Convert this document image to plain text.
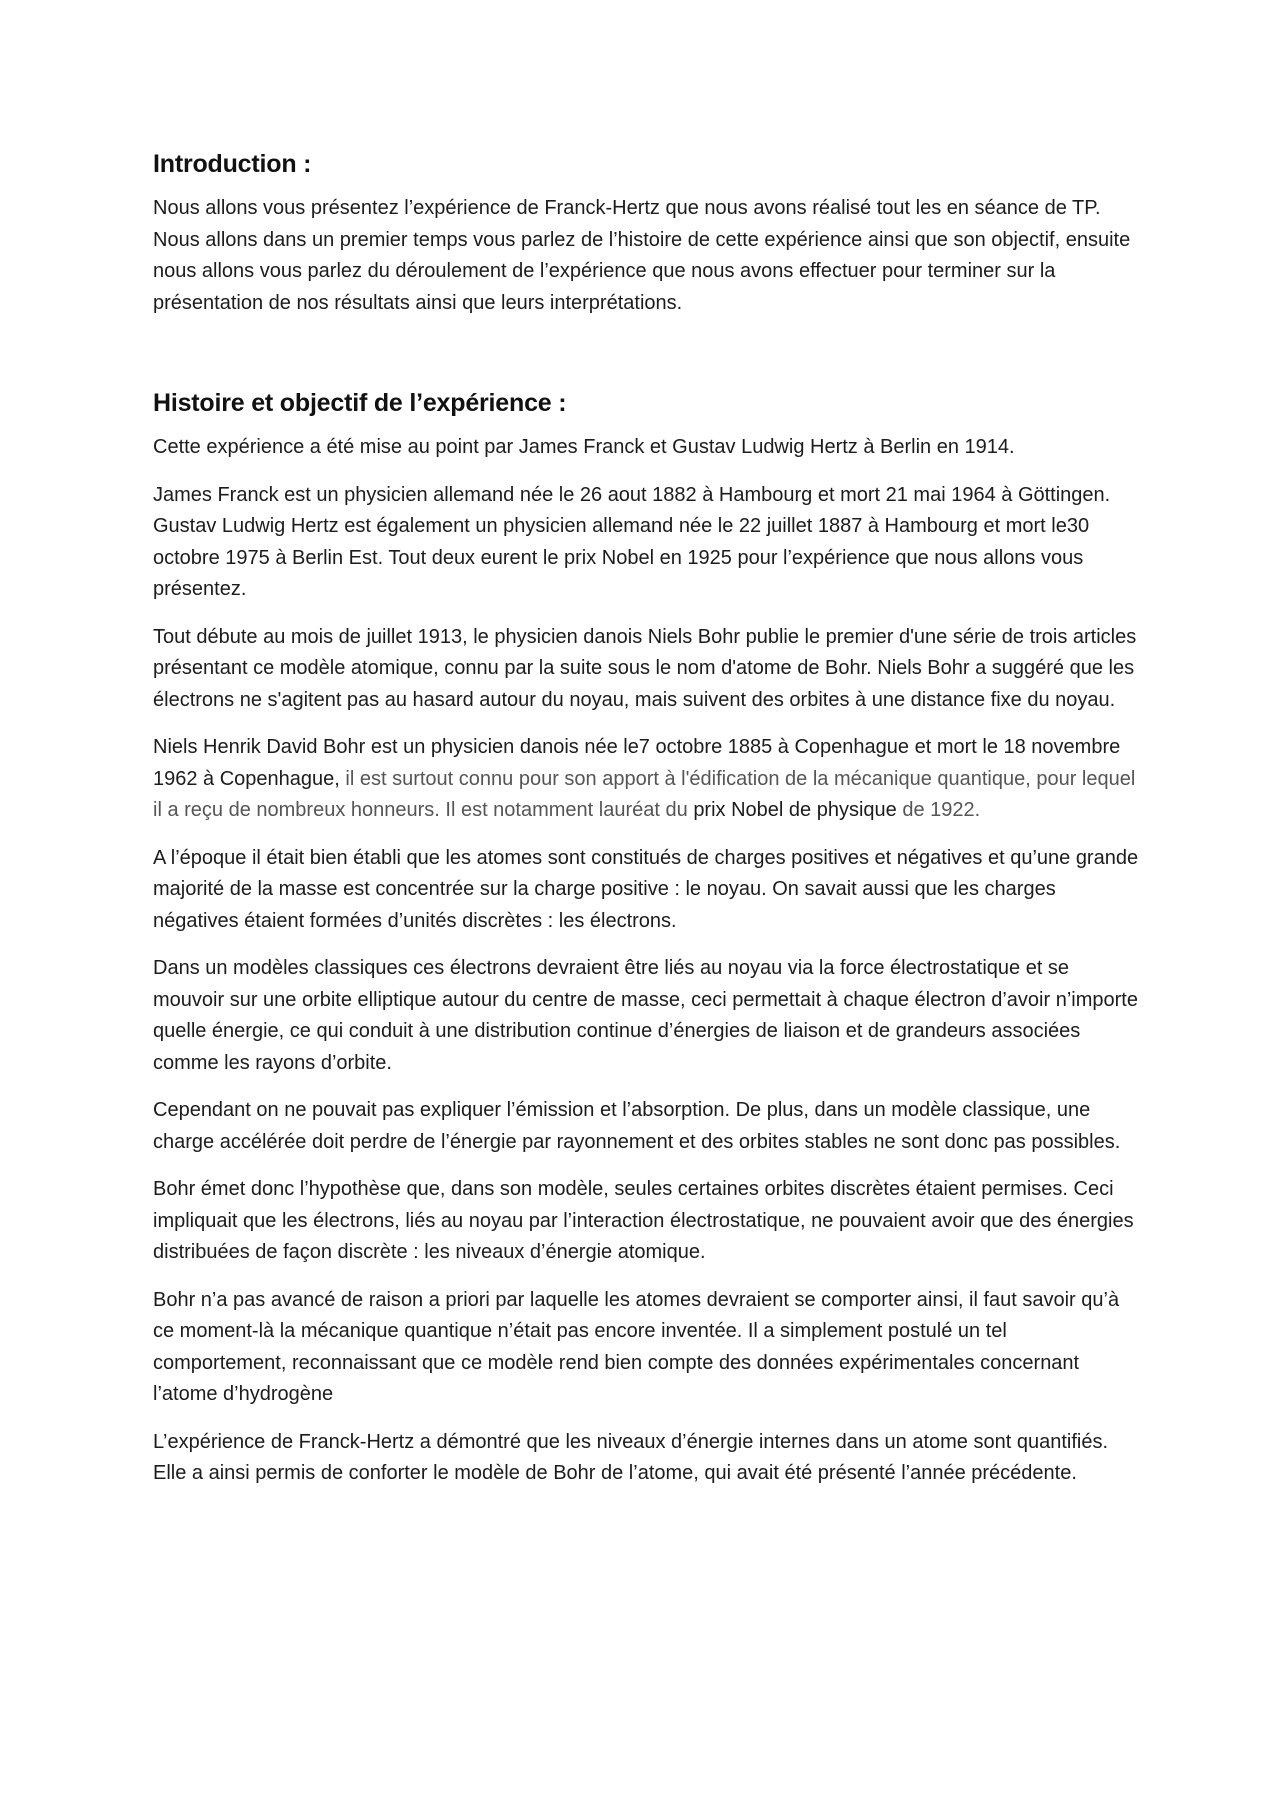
Introduction :

Nous allons vous présentez l’expérience de Franck-Hertz que nous avons réalisé tout les en séance de TP. Nous allons dans un premier temps vous parlez de l’histoire de cette expérience ainsi que son objectif, ensuite nous allons vous parlez du déroulement de l’expérience que nous avons effectuer pour terminer sur la présentation de nos résultats ainsi que leurs interprétations.

Histoire et objectif de l’expérience :

Cette expérience a été mise au point par James Franck et Gustav Ludwig Hertz à Berlin en 1914.

James Franck est un physicien allemand née le 26 aout 1882 à Hambourg et mort 21 mai 1964 à Göttingen. Gustav Ludwig Hertz est également un physicien allemand née le 22 juillet 1887 à Hambourg et mort le30 octobre 1975 à Berlin Est. Tout deux eurent le prix Nobel en 1925 pour l’expérience que nous allons vous présentez.

Tout débute au mois de juillet 1913, le physicien danois Niels Bohr publie le premier d'une série de trois articles présentant ce modèle atomique, connu par la suite sous le nom d'atome de Bohr. Niels Bohr a suggéré que les électrons ne s'agitent pas au hasard autour du noyau, mais suivent des orbites à une distance fixe du noyau.

Niels Henrik David Bohr est un physicien danois née le7 octobre 1885 à Copenhague et mort le 18 novembre 1962 à Copenhague, il est surtout connu pour son apport à l'édification de la mécanique quantique, pour lequel il a reçu de nombreux honneurs. Il est notamment lauréat du prix Nobel de physique de 1922.

A l’époque il était bien établi que les atomes sont constitués de charges positives et négatives et qu’une grande majorité de la masse est concentrée sur la charge positive : le noyau. On savait aussi que les charges négatives étaient formées d’unités discrètes : les électrons.

Dans un modèles classiques ces électrons devraient être liés au noyau via la force électrostatique et se mouvoir sur une orbite elliptique autour du centre de masse, ceci permettait à chaque électron d’avoir n’importe quelle énergie, ce qui conduit à une distribution continue d’énergies de liaison et de grandeurs associées comme les rayons d’orbite.

Cependant on ne pouvait pas expliquer l’émission et l’absorption. De plus, dans un modèle classique, une charge accélérée doit perdre de l’énergie par rayonnement et des orbites stables ne sont donc pas possibles.

Bohr émet donc l’hypothèse que, dans son modèle, seules certaines orbites discrètes étaient permises. Ceci impliquait que les électrons, liés au noyau par l’interaction électrostatique, ne pouvaient avoir que des énergies distribuées de façon discrète : les niveaux d’énergie atomique.

Bohr n’a pas avancé de raison a priori par laquelle les atomes devraient se comporter ainsi, il faut savoir qu’à ce moment-là la mécanique quantique n’était pas encore inventée. Il a simplement postulé un tel comportement, reconnaissant que ce modèle rend bien compte des données expérimentales concernant l’atome d’hydrogène

L’expérience de Franck-Hertz a démontré que les niveaux d’énergie internes dans un atome sont quantifiés. Elle a ainsi permis de conforter le modèle de Bohr de l’atome, qui avait été présenté l’année précédente.
